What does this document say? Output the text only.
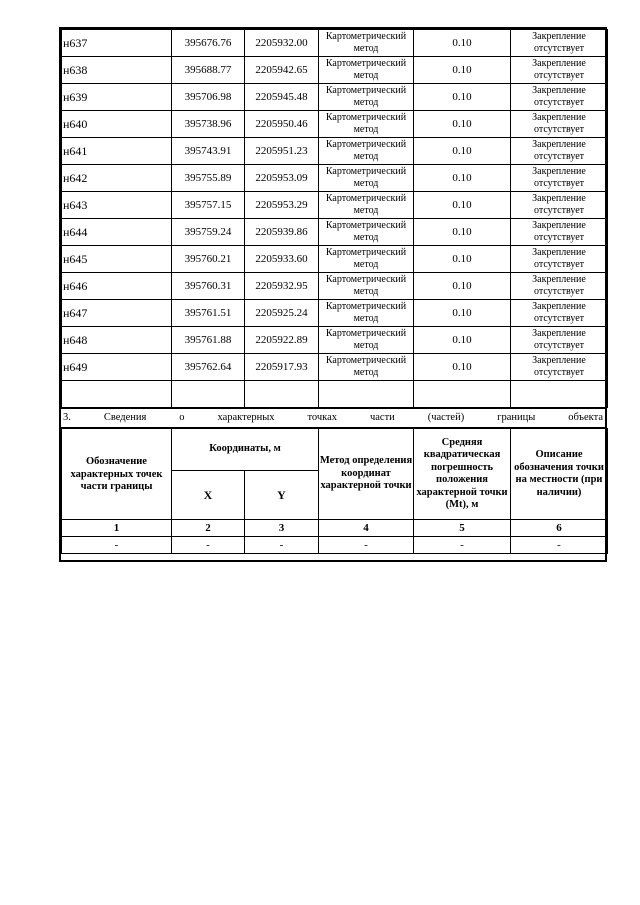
н637	395676.76	2205932.00	Картометрический метод	0.10	Закрепление отсутствует
н638	395688.77	2205942.65	Картометрический метод	0.10	Закрепление отсутствует
н639	395706.98	2205945.48	Картометрический метод	0.10	Закрепление отсутствует
н640	395738.96	2205950.46	Картометрический метод	0.10	Закрепление отсутствует
н641	395743.91	2205951.23	Картометрический метод	0.10	Закрепление отсутствует
н642	395755.89	2205953.09	Картометрический метод	0.10	Закрепление отсутствует
н643	395757.15	2205953.29	Картометрический метод	0.10	Закрепление отсутствует
н644	395759.24	2205939.86	Картометрический метод	0.10	Закрепление отсутствует
н645	395760.21	2205933.60	Картометрический метод	0.10	Закрепление отсутствует
н646	395760.31	2205932.95	Картометрический метод	0.10	Закрепление отсутствует
н647	395761.51	2205925.24	Картометрический метод	0.10	Закрепление отсутствует
н648	395761.88	2205922.89	Картометрический метод	0.10	Закрепление отсутствует
н649	395762.64	2205917.93	Картометрический метод	0.10	Закрепление отсутствует

3. Сведения о характерных точках части (частей) границы объекта
Обозначение характерных точек части границы	Координаты, м		Метод определения координат характерной точки	Средняя квадратическая погрешность положения характерной точки (Mt), м	Описание обозначения точки на местности (при наличии)
	X	Y			
1	2	3	4	5	6
-	-	-	-	-	-
